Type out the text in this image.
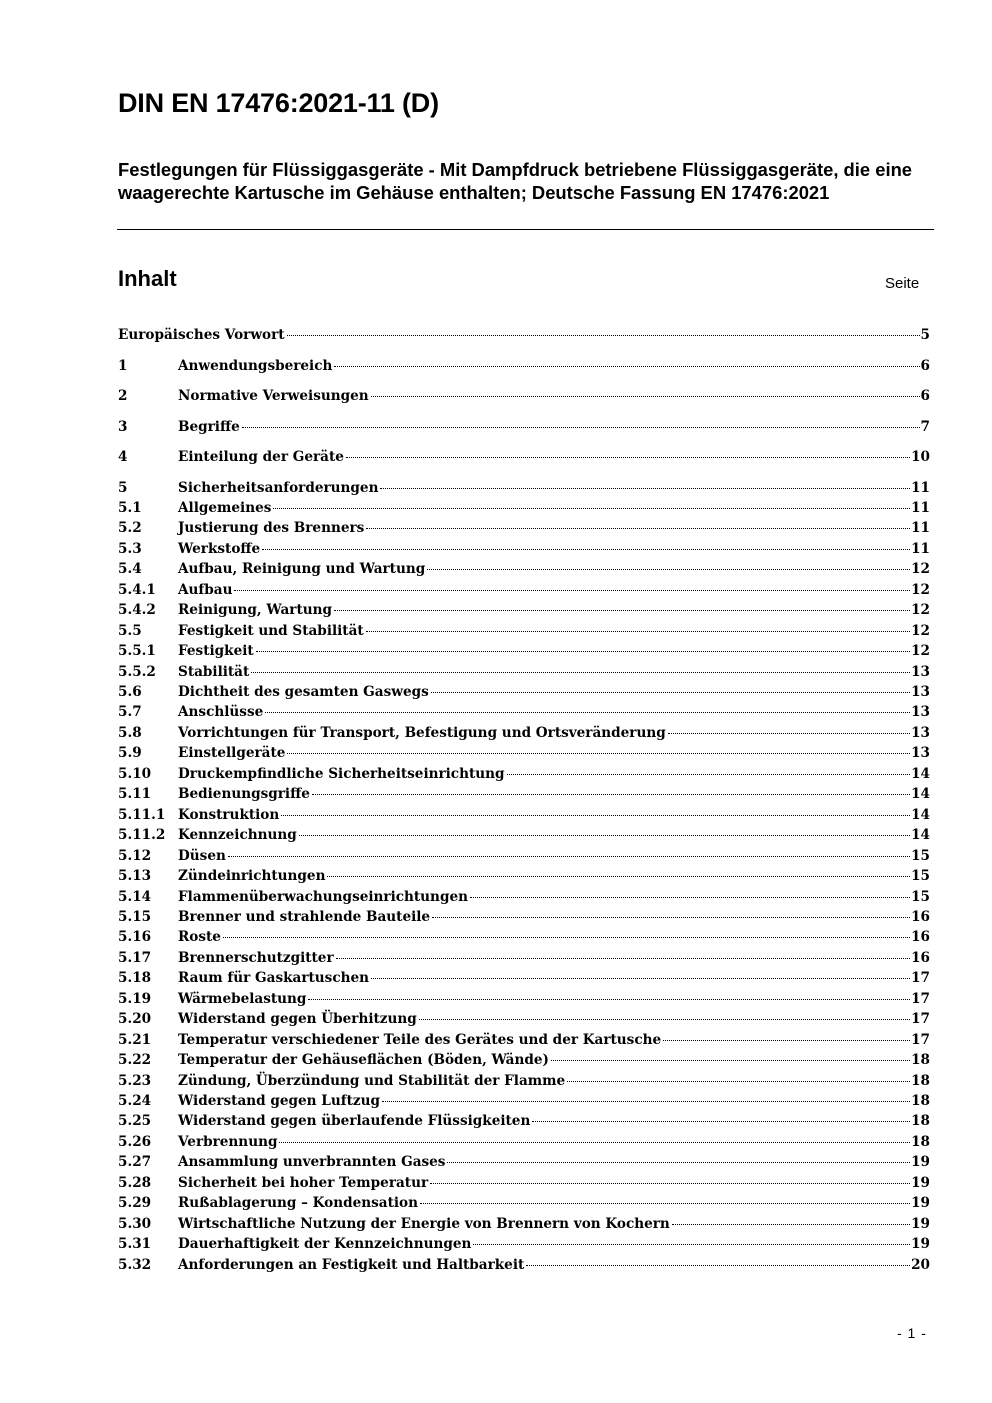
DIN EN 17476:2021-11 (D)
Festlegungen für Flüssiggasgeräte - Mit Dampfdruck betriebene Flüssiggasgeräte, die eine waagerechte Kartusche im Gehäuse enthalten; Deutsche Fassung EN 17476:2021
Inhalt	Seite
Europäisches Vorwort	5
1	Anwendungsbereich	6
2	Normative Verweisungen	6
3	Begriffe	7
4	Einteilung der Geräte	10
5	Sicherheitsanforderungen	11
5.1	Allgemeines	11
5.2	Justierung des Brenners	11
5.3	Werkstoffe	11
5.4	Aufbau, Reinigung und Wartung	12
5.4.1	Aufbau	12
5.4.2	Reinigung, Wartung	12
5.5	Festigkeit und Stabilität	12
5.5.1	Festigkeit	12
5.5.2	Stabilität	13
5.6	Dichtheit des gesamten Gaswegs	13
5.7	Anschlüsse	13
5.8	Vorrichtungen für Transport, Befestigung und Ortsveränderung	13
5.9	Einstellgeräte	13
5.10	Druckempfindliche Sicherheitseinrichtung	14
5.11	Bedienungsgriffe	14
5.11.1 Konstruktion	14
5.11.2 Kennzeichnung	14
5.12	Düsen	15
5.13	Zündeinrichtungen	15
5.14	Flammenüberwachungseinrichtungen	15
5.15	Brenner und strahlende Bauteile	16
5.16	Roste	16
5.17	Brennerschutzgitter	16
5.18	Raum für Gaskartuschen	17
5.19	Wärmebelastung	17
5.20	Widerstand gegen Überhitzung	17
5.21	Temperatur verschiedener Teile des Gerätes und der Kartusche	17
5.22	Temperatur der Gehäuseflächen (Böden, Wände)	18
5.23	Zündung, Überzündung und Stabilität der Flamme	18
5.24	Widerstand gegen Luftzug	18
5.25	Widerstand gegen überlaufende Flüssigkeiten	18
5.26	Verbrennung	18
5.27	Ansammlung unverbrannten Gases	19
5.28	Sicherheit bei hoher Temperatur	19
5.29	Rußablagerung – Kondensation	19
5.30	Wirtschaftliche Nutzung der Energie von Brennern von Kochern	19
5.31	Dauerhaftigkeit der Kennzeichnungen	19
5.32	Anforderungen an Festigkeit und Haltbarkeit	20
- 1 -
